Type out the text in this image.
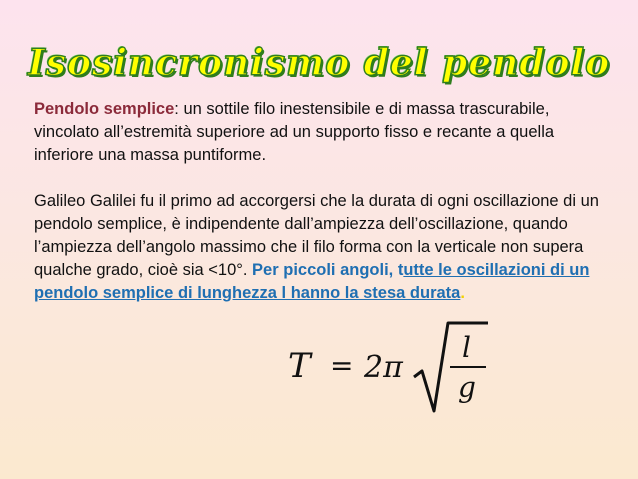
Isosincronismo del pendolo

Pendolo semplice: un sottile filo inestensibile e di massa trascurabile, vincolato all’estremità superiore ad un supporto fisso e recante a quella inferiore una massa puntiforme.

Galileo Galilei fu il primo ad accorgersi che la durata di ogni oscillazione di un pendolo semplice, è indipendente dall’ampiezza dell’oscillazione, quando l’ampiezza dell’angolo massimo che il filo forma con la verticale non supera qualche grado, cioè sia <10°. Per piccoli angoli, tutte le oscillazioni di un pendolo semplice di lunghezza l hanno la stesa durata.

T = 2π
l
g
